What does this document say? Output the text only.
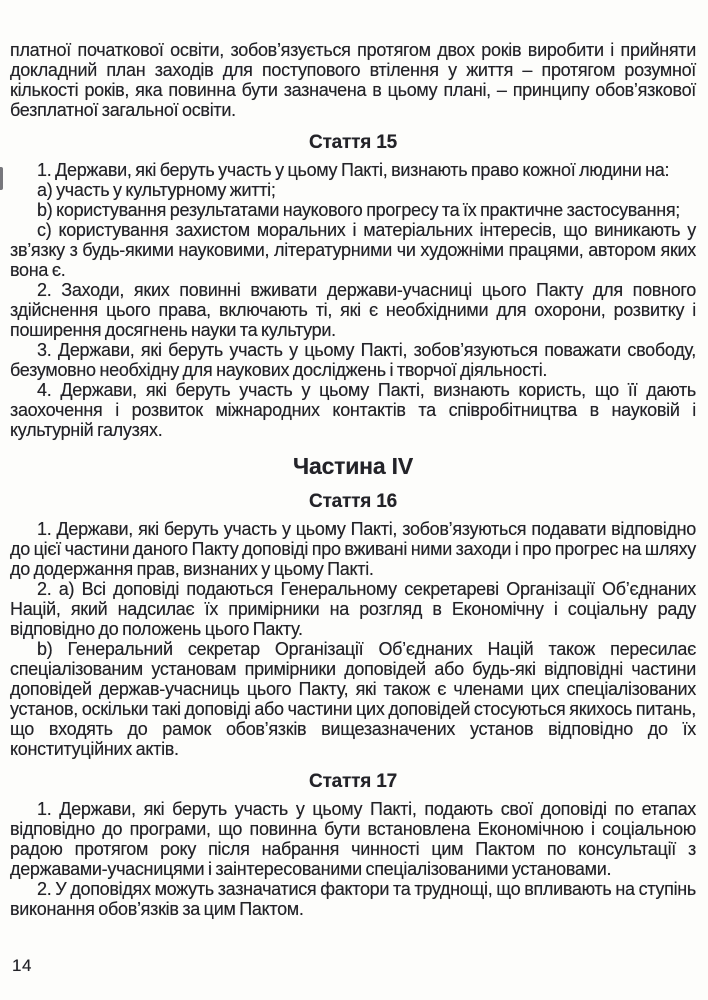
платної початкової освіти, зобов’язується протягом двох років виробити і прийняти докладний план заходів для поступового втілення у життя – протягом розумної кількості років, яка повинна бути зазначена в цьому плані, – принципу обов’язкової безплатної загальної освіти.

Стаття 15

1. Держави, які беруть участь у цьому Пакті, визнають право кожної людини на:

a) участь у культурному житті;

b) користування результатами наукового прогресу та їх практичне застосування;

c) користування захистом моральних і матеріальних інтересів, що виникають у зв’язку з будь-якими науковими, літературними чи художніми працями, автором яких вона є.

2. Заходи, яких повинні вживати держави-учасниці цього Пакту для повного здійснення цього права, включають ті, які є необхідними для охорони, розвитку і поширення досягнень науки та культури.

3. Держави, які беруть участь у цьому Пакті, зобов’язуються поважати свободу, безумовно необхідну для наукових досліджень і творчої діяльності.

4. Держави, які беруть участь у цьому Пакті, визнають користь, що її дають заохочення і розвиток міжнародних контактів та співробітництва в науковій і культурній галузях.

Частина IV
Стаття 16

1. Держави, які беруть участь у цьому Пакті, зобов’язуються подавати відповідно до цієї частини даного Пакту доповіді про вживані ними заходи і про прогрес на шляху до додержання прав, визнаних у цьому Пакті.

2. a) Всі доповіді подаються Генеральному секретареві Організації Об’єднаних Націй, який надсилає їх примірники на розгляд в Економічну і соціальну раду відповідно до положень цього Пакту.

b) Генеральний секретар Організації Об’єднаних Націй також пересилає спеціалізованим установам примірники доповідей або будь-які відповідні частини доповідей держав-учасниць цього Пакту, які також є членами цих спеціалізованих установ, оскільки такі доповіді або частини цих доповідей стосуються якихось питань, що входять до рамок обов’язків вищезазначених установ відповідно до їх конституційних актів.

Стаття 17

1. Держави, які беруть участь у цьому Пакті, подають свої доповіді по етапах відповідно до програми, що повинна бути встановлена Економічною і соціальною радою протягом року після набрання чинності цим Пактом по консультації з державами-учасницями і заінтересованими спеціалізованими установами.

2. У доповідях можуть зазначатися фактори та труднощі, що впливають на ступінь виконання обов’язків за цим Пактом.

14
